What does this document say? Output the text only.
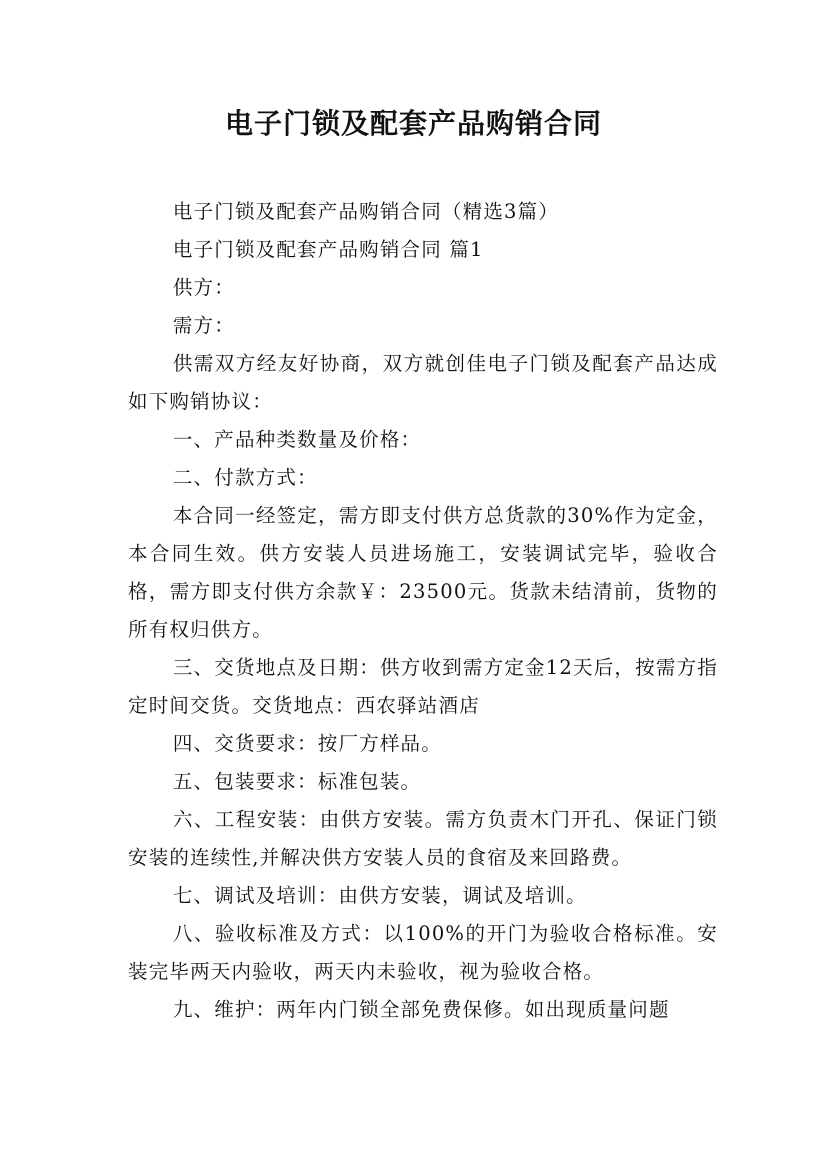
电子门锁及配套产品购销合同

电子门锁及配套产品购销合同（精选3篇）

电子门锁及配套产品购销合同 篇1

供方：

需方：

供需双方经友好协商，双方就创佳电子门锁及配套产品达成如下购销协议：

一、产品种类数量及价格：

二、付款方式：

本合同一经签定，需方即支付供方总货款的30%作为定金，本合同生效。供方安装人员进场施工，安装调试完毕，验收合格，需方即支付供方余款￥：23500元。货款未结清前，货物的所有权归供方。

三、交货地点及日期：供方收到需方定金12天后，按需方指定时间交货。交货地点：西农驿站酒店

四、交货要求：按厂方样品。

五、包装要求：标准包装。

六、工程安装：由供方安装。需方负责木门开孔、保证门锁安装的连续性,并解决供方安装人员的食宿及来回路费。

七、调试及培训：由供方安装，调试及培训。

八、验收标准及方式：以100%的开门为验收合格标准。安装完毕两天内验收，两天内未验收，视为验收合格。

九、维护：两年内门锁全部免费保修。如出现质量问题
